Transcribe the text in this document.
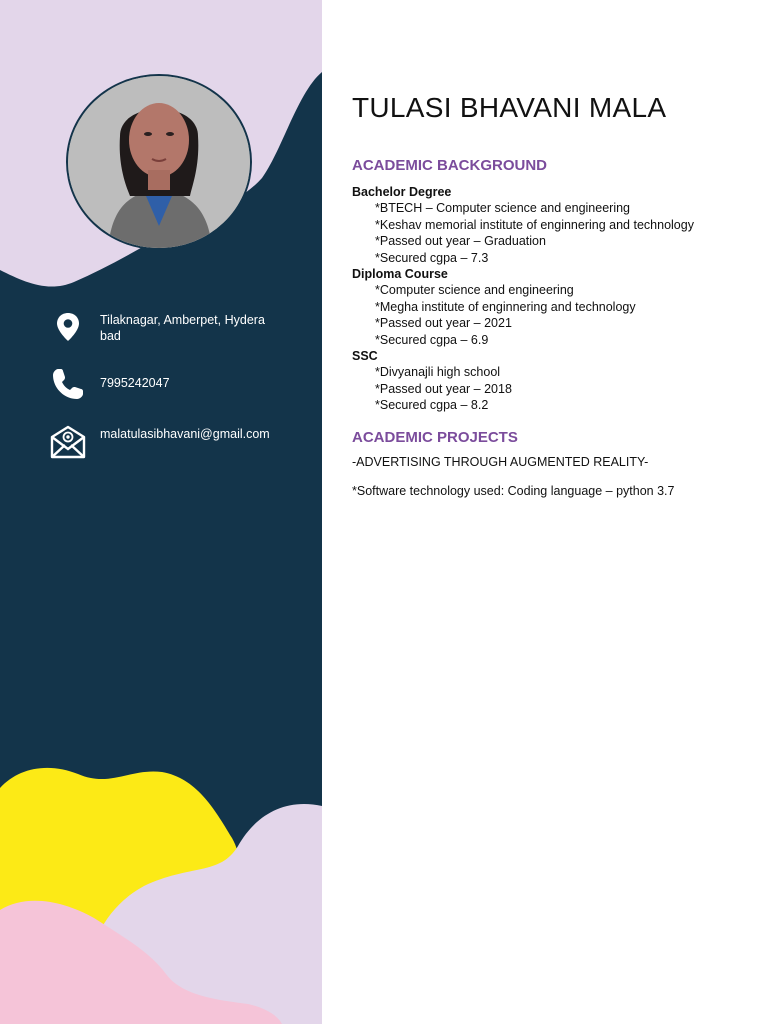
Tilaknagar, Amberpet, Hyderabad
7995242047
malatulasibhavani@gmail.com
TULASI BHAVANI MALA
ACADEMIC BACKGROUND
Bachelor Degree
*BTECH – Computer science and engineering
*Keshav memorial institute of enginnering and technology
*Passed out year – Graduation
*Secured cgpa – 7.3
Diploma Course
*Computer science and engineering
*Megha institute of enginnering and technology
*Passed out year – 2021
*Secured cgpa – 6.9
SSC
*Divyanajli high school
*Passed out year – 2018
*Secured cgpa – 8.2
ACADEMIC PROJECTS
-ADVERTISING THROUGH AUGMENTED REALITY-
*Software technology used: Coding language – python 3.7
